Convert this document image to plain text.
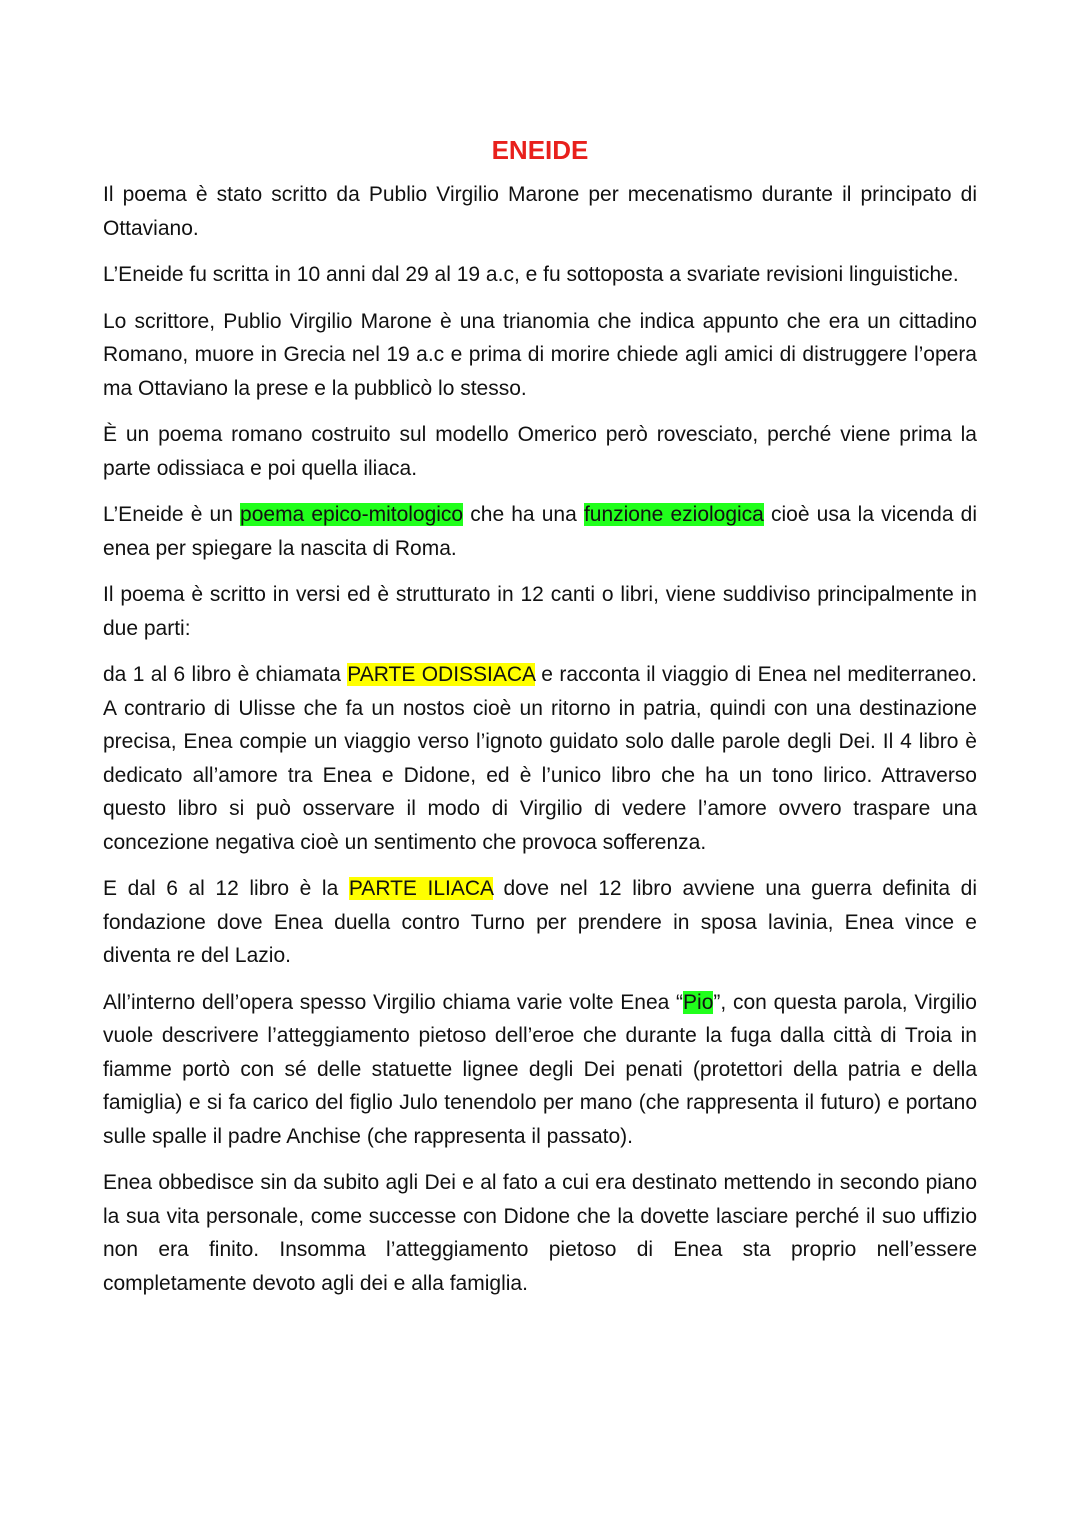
ENEIDE

Il poema è stato scritto da Publio Virgilio Marone per mecenatismo durante il principato di Ottaviano.

L’Eneide fu scritta in 10 anni dal 29 al 19 a.c, e fu sottoposta a svariate revisioni linguistiche.

Lo scrittore, Publio Virgilio Marone è una trianomia che indica appunto che era un cittadino Romano, muore in Grecia nel 19 a.c e prima di morire chiede agli amici di distruggere l’opera ma Ottaviano la prese e la pubblicò lo stesso.

È un poema romano costruito sul modello Omerico però rovesciato, perché viene prima la parte odissiaca e poi quella iliaca.

L’Eneide è un poema epico-mitologico che ha una funzione eziologica cioè usa la vicenda di enea per spiegare la nascita di Roma.

Il poema è scritto in versi ed è strutturato in 12 canti o libri, viene suddiviso principalmente in due parti:

da 1 al 6 libro è chiamata PARTE ODISSIACA e racconta il viaggio di Enea nel mediterraneo. A contrario di Ulisse che fa un nostos cioè un ritorno in patria, quindi con una destinazione precisa, Enea compie un viaggio verso l’ignoto guidato solo dalle parole degli Dei. Il 4 libro è dedicato all’amore tra Enea e Didone, ed è l’unico libro che ha un tono lirico. Attraverso questo libro si può osservare il modo di Virgilio di vedere l’amore ovvero traspare una concezione negativa cioè un sentimento che provoca sofferenza.

E dal 6 al 12 libro è la PARTE ILIACA dove nel 12 libro avviene una guerra definita di fondazione dove Enea duella contro Turno per prendere in sposa lavinia, Enea vince e diventa re del Lazio.

All’interno dell’opera spesso Virgilio chiama varie volte Enea “Pio”, con questa parola, Virgilio vuole descrivere l’atteggiamento pietoso dell’eroe che durante la fuga dalla città di Troia in fiamme portò con sé delle statuette lignee degli Dei penati (protettori della patria e della famiglia) e si fa carico del figlio Julo tenendolo per mano (che rappresenta il futuro) e portano sulle spalle il padre Anchise (che rappresenta il passato).

Enea obbedisce sin da subito agli Dei e al fato a cui era destinato mettendo in secondo piano la sua vita personale, come successe con Didone che la dovette lasciare perché il suo uffizio non era finito. Insomma l’atteggiamento pietoso di Enea sta proprio nell’essere completamente devoto agli dei e alla famiglia.
